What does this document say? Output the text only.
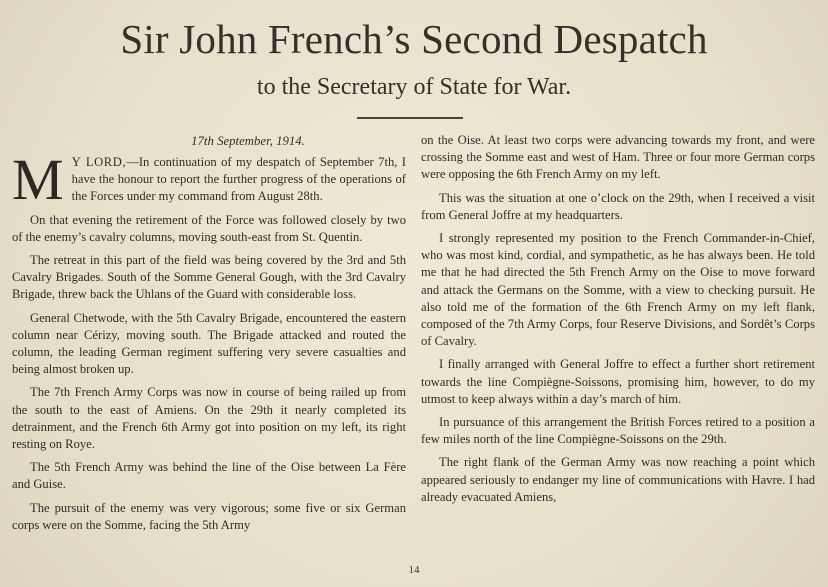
Sir John French’s Second Despatch
to the Secretary of State for War.
17th September, 1914.
M Y LORD,—In continuation of my despatch of September 7th, I have the honour to report the further progress of the operations of the Forces under my command from August 28th.
On that evening the retirement of the Force was followed closely by two of the enemy’s cavalry columns, moving south-east from St. Quentin.
The retreat in this part of the field was being covered by the 3rd and 5th Cavalry Brigades. South of the Somme General Gough, with the 3rd Cavalry Brigade, threw back the Uhlans of the Guard with considerable loss.
General Chetwode, with the 5th Cavalry Brigade, encountered the eastern column near Cérizy, moving south. The Brigade attacked and routed the column, the leading German regiment suffering very severe casualties and being almost broken up.
The 7th French Army Corps was now in course of being railed up from the south to the east of Amiens. On the 29th it nearly completed its detrainment, and the French 6th Army got into position on my left, its right resting on Roye.
The 5th French Army was behind the line of the Oise between La Fère and Guise.
The pursuit of the enemy was very vigorous; some five or six German corps were on the Somme, facing the 5th Army
on the Oise. At least two corps were advancing towards my front, and were crossing the Somme east and west of Ham. Three or four more German corps were opposing the 6th French Army on my left.
This was the situation at one o’clock on the 29th, when I received a visit from General Joffre at my headquarters.
I strongly represented my position to the French Commander-in-Chief, who was most kind, cordial, and sympathetic, as he has always been. He told me that he had directed the 5th French Army on the Oise to move forward and attack the Germans on the Somme, with a view to checking pursuit. He also told me of the formation of the 6th French Army on my left flank, composed of the 7th Army Corps, four Reserve Divisions, and Sordêt’s Corps of Cavalry.
I finally arranged with General Joffre to effect a further short retirement towards the line Compiègne-Soissons, promising him, however, to do my utmost to keep always within a day’s march of him.
In pursuance of this arrangement the British Forces retired to a position a few miles north of the line Compiègne-Soissons on the 29th.
The right flank of the German Army was now reaching a point which appeared seriously to endanger my line of communications with Havre. I had already evacuated Amiens,
14
